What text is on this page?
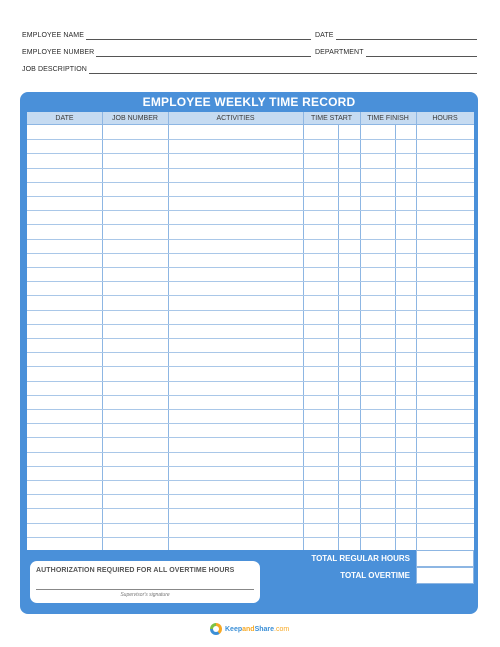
EMPLOYEE NAME	DATE
EMPLOYEE NUMBER	DEPARTMENT
JOB DESCRIPTION
EMPLOYEE WEEKLY TIME RECORD
DATE	JOB NUMBER	ACTIVITIES	TIME START	TIME FINISH	HOURS
TOTAL REGULAR HOURS
TOTAL OVERTIME
AUTHORIZATION REQUIRED FOR ALL OVERTIME HOURS
Supervisor's signature
Keep and Share .com
